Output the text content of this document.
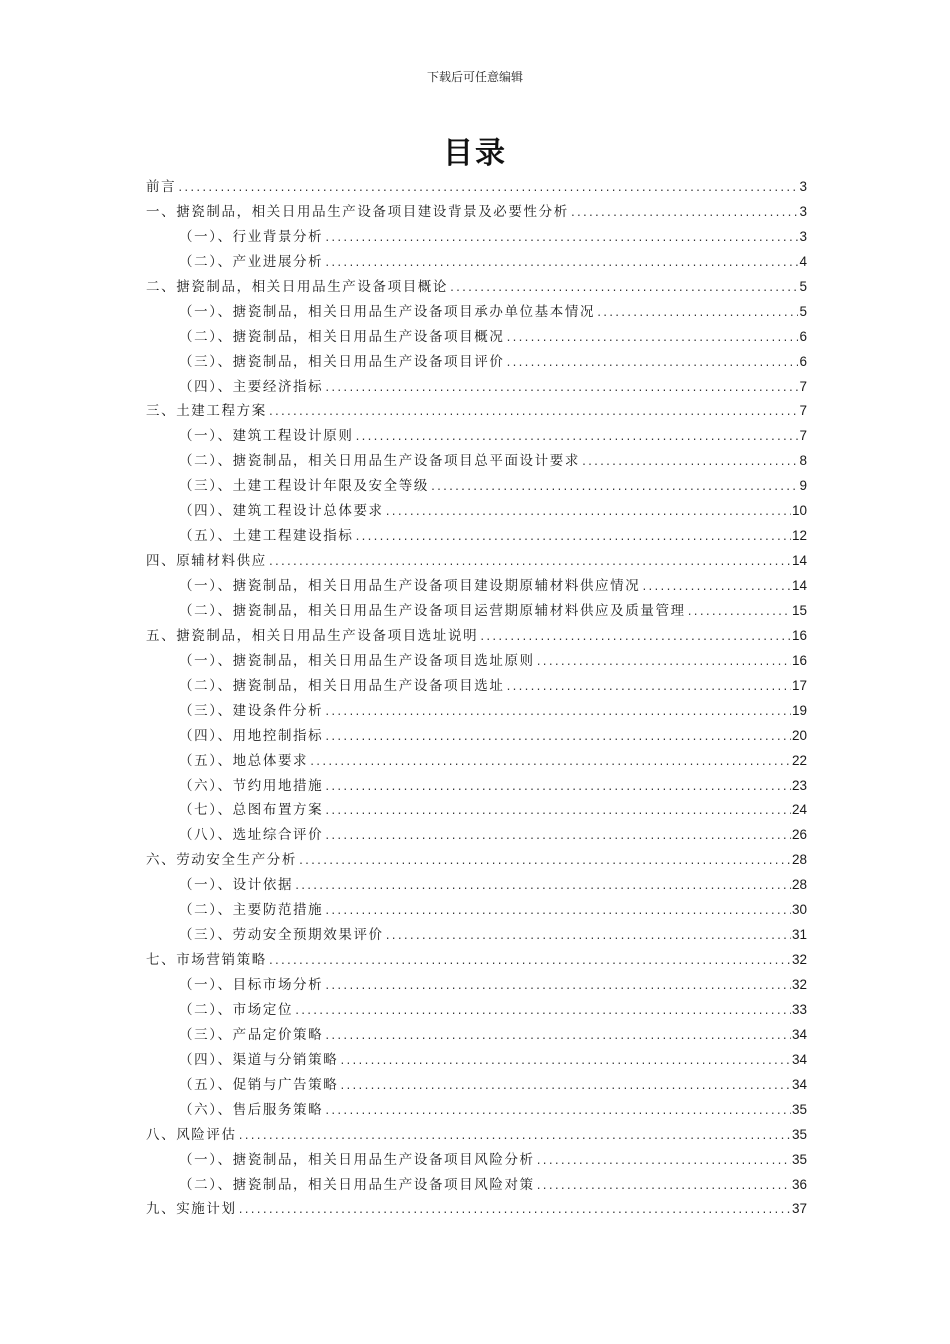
下载后可任意编辑
目录
前言 .....	3
一、搪瓷制品，相关日用品生产设备项目建设背景及必要性分析 .....	3
（一）、行业背景分析 .....	3
（二）、产业进展分析 .....	4
二、搪瓷制品，相关日用品生产设备项目概论 .....	5
（一）、搪瓷制品，相关日用品生产设备项目承办单位基本情况 .....	5
（二）、搪瓷制品，相关日用品生产设备项目概况 .....	6
（三）、搪瓷制品，相关日用品生产设备项目评价 .....	6
（四）、主要经济指标 .....	7
三、土建工程方案 .....	7
（一）、建筑工程设计原则 .....	7
（二）、搪瓷制品，相关日用品生产设备项目总平面设计要求 .....	8
（三）、土建工程设计年限及安全等级 .....	9
（四）、建筑工程设计总体要求 .....	10
（五）、土建工程建设指标 .....	12
四、原辅材料供应 .....	14
（一）、搪瓷制品，相关日用品生产设备项目建设期原辅材料供应情况 .....	14
（二）、搪瓷制品，相关日用品生产设备项目运营期原辅材料供应及质量管理 .....	15
五、搪瓷制品，相关日用品生产设备项目选址说明 .....	16
（一）、搪瓷制品，相关日用品生产设备项目选址原则 .....	16
（二）、搪瓷制品，相关日用品生产设备项目选址 .....	17
（三）、建设条件分析 .....	19
（四）、用地控制指标 .....	20
（五）、地总体要求 .....	22
（六）、节约用地措施 .....	23
（七）、总图布置方案 .....	24
（八）、选址综合评价 .....	26
六、劳动安全生产分析 .....	28
（一）、设计依据 .....	28
（二）、主要防范措施 .....	30
（三）、劳动安全预期效果评价 .....	31
七、市场营销策略 .....	32
（一）、目标市场分析 .....	32
（二）、市场定位 .....	33
（三）、产品定价策略 .....	34
（四）、渠道与分销策略 .....	34
（五）、促销与广告策略 .....	34
（六）、售后服务策略 .....	35
八、风险评估 .....	35
（一）、搪瓷制品，相关日用品生产设备项目风险分析 .....	35
（二）、搪瓷制品，相关日用品生产设备项目风险对策 .....	36
九、实施计划 .....	37
